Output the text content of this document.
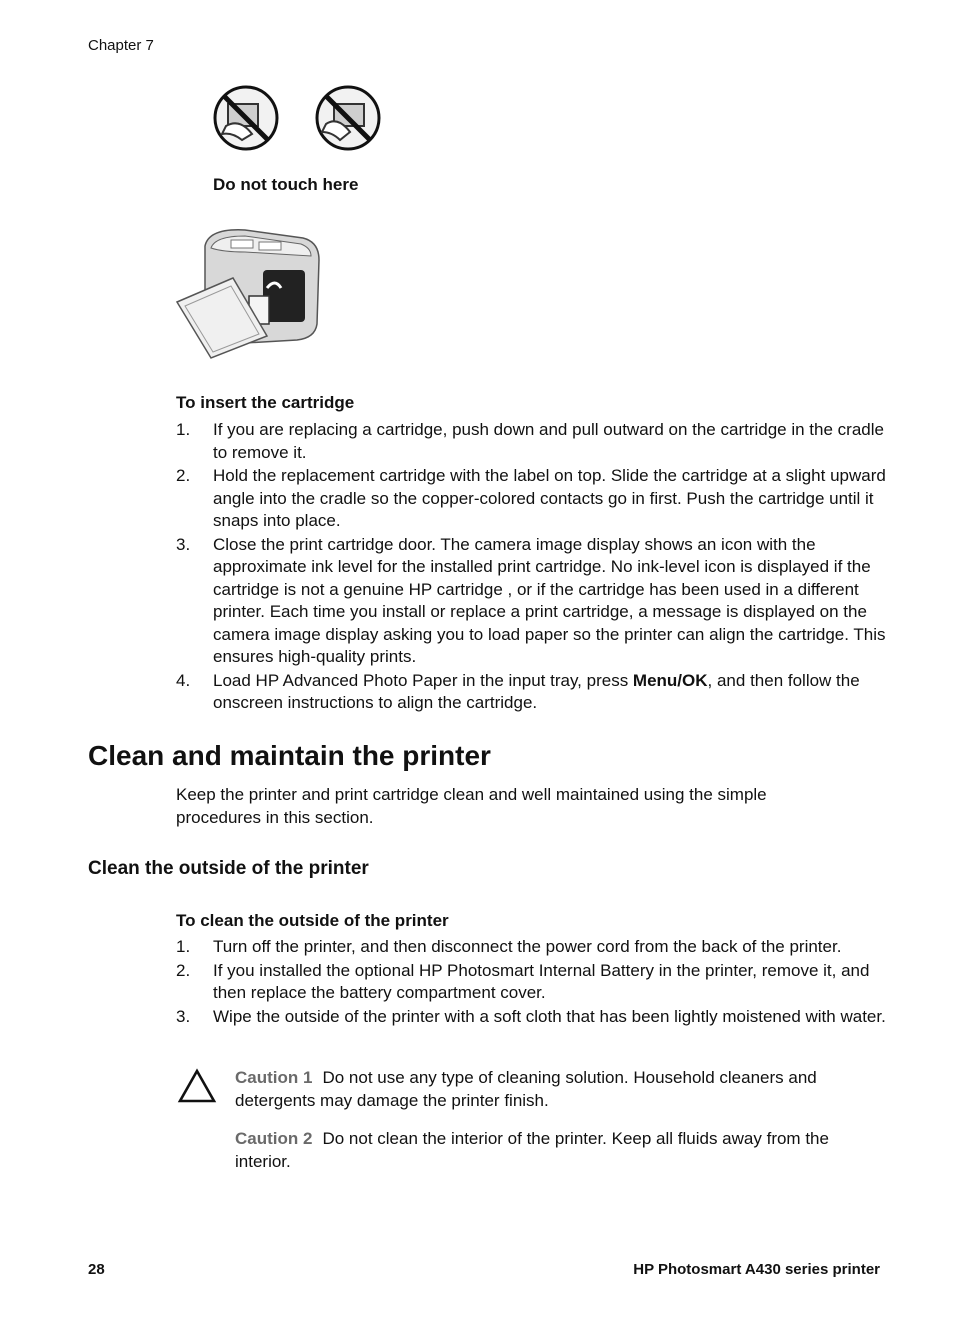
Chapter 7
Do not touch here
To insert the cartridge
1. If you are replacing a cartridge, push down and pull outward on the cartridge in the cradle to remove it.
2. Hold the replacement cartridge with the label on top. Slide the cartridge at a slight upward angle into the cradle so the copper-colored contacts go in first. Push the cartridge until it snaps into place.
3. Close the print cartridge door. The camera image display shows an icon with the approximate ink level for the installed print cartridge. No ink-level icon is displayed if the cartridge is not a genuine HP cartridge , or if the cartridge has been used in a different printer. Each time you install or replace a print cartridge, a message is displayed on the camera image display asking you to load paper so the printer can align the cartridge. This ensures high-quality prints.
4. Load HP Advanced Photo Paper in the input tray, press Menu/OK, and then follow the onscreen instructions to align the cartridge.
Clean and maintain the printer
Keep the printer and print cartridge clean and well maintained using the simple procedures in this section.
Clean the outside of the printer
To clean the outside of the printer
1. Turn off the printer, and then disconnect the power cord from the back of the printer.
2. If you installed the optional HP Photosmart Internal Battery in the printer, remove it, and then replace the battery compartment cover.
3. Wipe the outside of the printer with a soft cloth that has been lightly moistened with water.
Caution 1 Do not use any type of cleaning solution. Household cleaners and detergents may damage the printer finish.
Caution 2 Do not clean the interior of the printer. Keep all fluids away from the interior.
28	HP Photosmart A430 series printer
